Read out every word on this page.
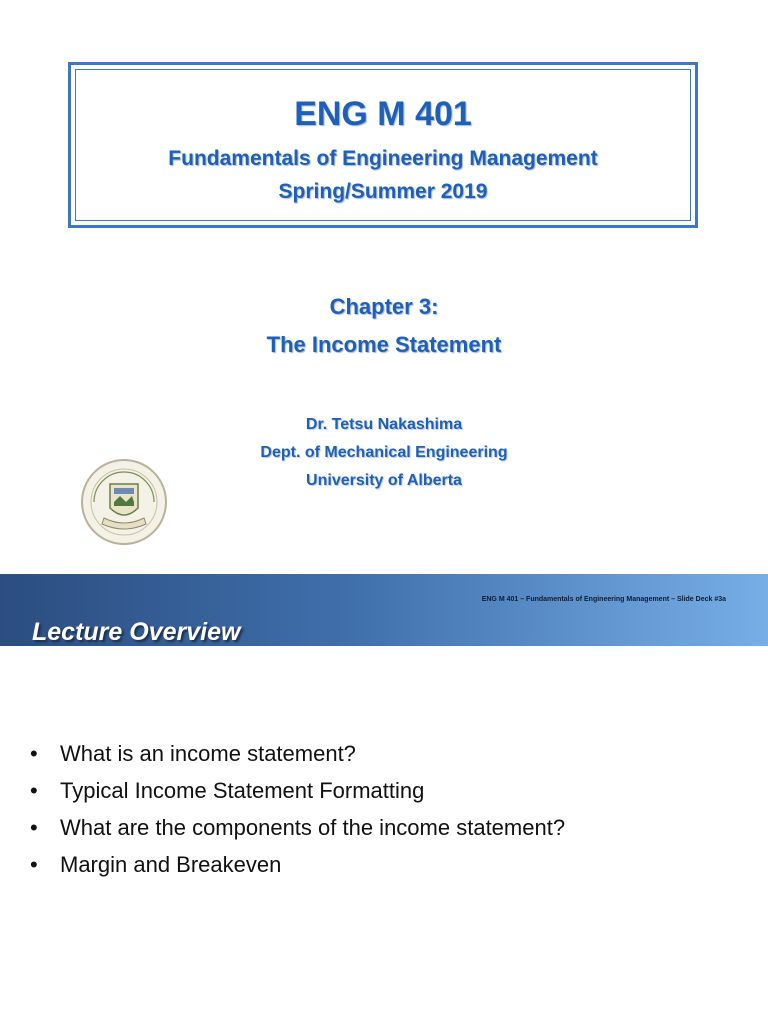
ENG M 401
Fundamentals of Engineering Management
Spring/Summer 2019
Chapter 3:
The Income Statement
Dr. Tetsu Nakashima
Dept. of Mechanical Engineering
University of Alberta
ENG M 401 – Fundamentals of Engineering Management – Slide Deck #3a
Lecture Overview
• What is an income statement?
• Typical Income Statement Formatting
• What are the components of the income statement?
• Margin and Breakeven
